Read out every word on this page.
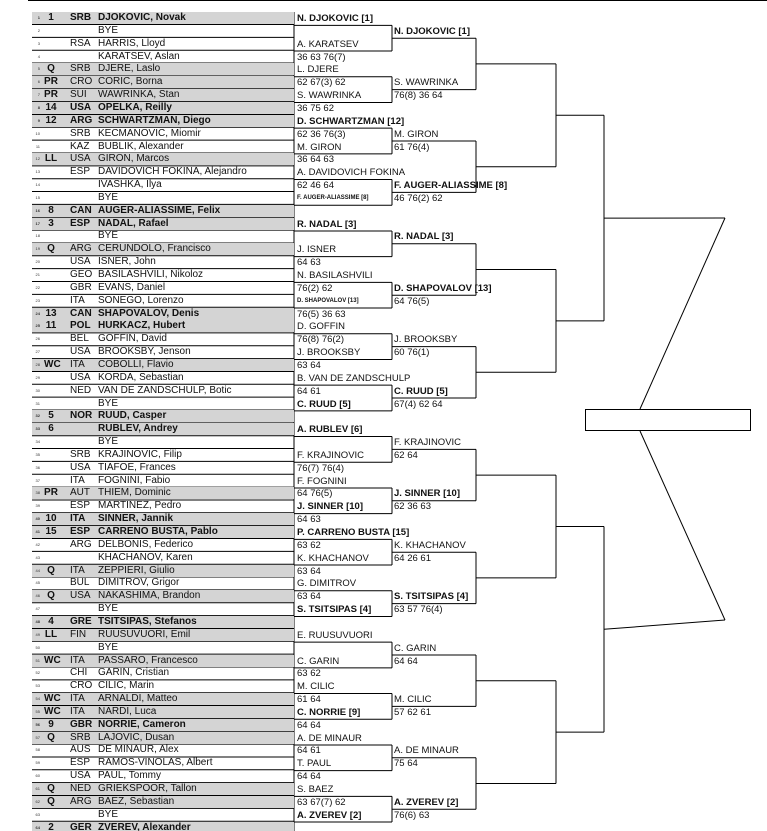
1 1	SRB DJOKOVIC, Novak
2	BYE
3	RSA HARRIS, Lloyd
4	KARATSEV, Aslan
5 Q	SRB DJERE, Laslo
6 PR CRO CORIC, Borna
7 PR SUI	WAWRINKA, Stan
8 14 USA OPELKA, Reilly
9 12 ARG SCHWARTZMAN, Diego
10	SRB KECMANOVIC, Miomir
11	KAZ BUBLIK, Alexander
12 LL USA GIRON, Marcos
13	ESP DAVIDOVICH FOKINA, Alejandro
14	IVASHKA, Ilya
15	BYE
16 8	CAN AUGER-ALIASSIME, Felix
17 3	ESP NADAL, Rafael
18	BYE
19 Q	ARG CERUNDOLO, Francisco
20	USA ISNER, John
21	GEO BASILASHVILI, Nikoloz
22	GBR EVANS, Daniel
23	ITA	SONEGO, Lorenzo
24 13 CAN SHAPOVALOV, Denis
25 11 POL HURKACZ, Hubert
26	BEL GOFFIN, David
27	USA BROOKSBY, Jenson
28 WC ITA	COBOLLI, Flavio
29	USA KORDA, Sebastian
30	NED VAN DE ZANDSCHULP, Botic
31	BYE
32 5	NOR RUUD, Casper
33 6	RUBLEV, Andrey
34	BYE
35	SRB KRAJINOVIC, Filip
36	USA TIAFOE, Frances
37	ITA	FOGNINI, Fabio
38 PR AUT THIEM, Dominic
39	ESP MARTINEZ, Pedro
40 10 ITA	SINNER, Jannik
41 15 ESP CARRENO BUSTA, Pablo
42	ARG DELBONIS, Federico
43	KHACHANOV, Karen
44 Q	ITA	ZEPPIERI, Giulio
45	BUL DIMITROV, Grigor
46 Q	USA NAKASHIMA, Brandon
47	BYE
48 4	GRE TSITSIPAS, Stefanos
49 LL FIN	RUUSUVUORI, Emil
50	BYE
51 WC ITA	PASSARO, Francesco
52	CHI	GARIN, Cristian
53	CRO CILIC, Marin
54 WC ITA	ARNALDI, Matteo
55 WC ITA	NARDI, Luca
56 9	GBR NORRIE, Cameron
57 Q	SRB LAJOVIC, Dusan
58	AUS DE MINAUR, Alex
59	ESP RAMOS-VINOLAS, Albert
60	USA PAUL, Tommy
61 Q	NED GRIEKSPOOR, Tallon
62 Q	ARG BAEZ, Sebastian
63	BYE
64 2	GER ZVEREV, Alexander
N. DJOKOVIC [1]
A. KARATSEV
36 63 76(7)
L. DJERE
62 67(3) 62
S. WAWRINKA
36 75 62
D. SCHWARTZMAN [12]
62 36 76(3)
M. GIRON
36 64 63
A. DAVIDOVICH FOKINA
62 46 64
F. AUGER-ALIASSIME [8]
R. NADAL [3]
J. ISNER
64 63
N. BASILASHVILI
76(2) 62
D. SHAPOVALOV [13]
76(5) 36 63
D. GOFFIN
76(8) 76(2)
J. BROOKSBY
63 64
B. VAN DE ZANDSCHULP
64 61
C. RUUD [5]
A. RUBLEV [6]
F. KRAJINOVIC
76(7) 76(4)
F. FOGNINI
64 76(5)
J. SINNER [10]
64 63
P. CARRENO BUSTA [15]
63 62
K. KHACHANOV
63 64
G. DIMITROV
63 64
S. TSITSIPAS [4]
E. RUUSUVUORI
C. GARIN
63 62
M. CILIC
61 64
C. NORRIE [9]
64 64
A. DE MINAUR
64 61
T. PAUL
64 64
S. BAEZ
63 67(7) 62
A. ZVEREV [2]
N. DJOKOVIC [1]
S. WAWRINKA
76(8) 36 64
M. GIRON
61 76(4)
F. AUGER-ALIASSIME [8]
46 76(2) 62
R. NADAL [3]
D. SHAPOVALOV [13]
64 76(5)
J. BROOKSBY
60 76(1)
C. RUUD [5]
67(4) 62 64
F. KRAJINOVIC
62 64
J. SINNER [10]
62 36 63
K. KHACHANOV
64 26 61
S. TSITSIPAS [4]
63 57 76(4)
C. GARIN
64 64
M. CILIC
57 62 61
A. DE MINAUR
75 64
A. ZVEREV [2]
76(6) 63
